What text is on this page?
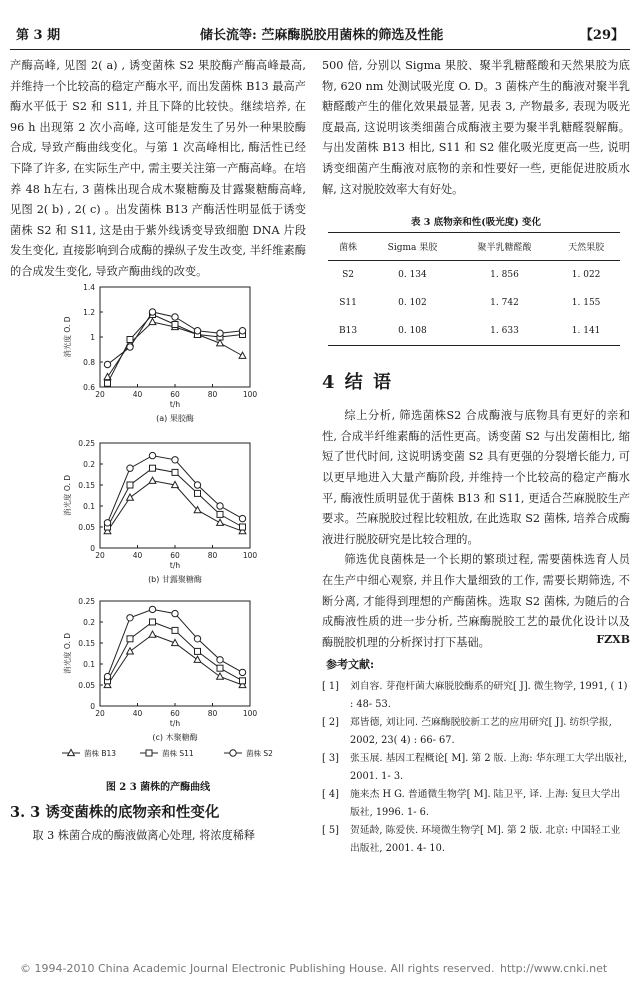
第 3 期	储长流等: 苎麻酶脱胶用菌株的筛选及性能	【29】

产酶高峰, 见图 2( a) , 诱变菌株 S2 果胶酶产酶高峰最高, 并维持一个比较高的稳定产酶水平, 而出发菌株 B13 最高产酶水平低于 S2 和 S11, 并且下降的比较快。继续培养, 在 96 h 出现第 2 次小高峰, 这可能是发生了另外一种果胶酶合成, 导致产酶曲线变化。与第 1 次高峰相比, 酶活性已经下降了许多, 在实际生产中, 需主要关注第一产酶高峰。在培养 48 h左右, 3 菌株出现合成木聚糖酶及甘露聚糖酶高峰, 见图 2( b) , 2( c) 。出发菌株 B13 产酶活性明显低于诱变菌株 S2 和 S11, 这是由于紫外线诱变导致细胞 DNA 片段发生变化, 直接影响到合成酶的操纵子发生改变, 半纤维素酶的合成发生变化, 导致产酶曲线的改变。

0.6
0.8
1
1.2
1.4
20	40	60	80	100
消光度 O. D
t/h
(a) 果胶酶
0
0.05
0.1
0.15
0.2
0.25
20	40	60	80	100
消光度 O. D
t/h
(b) 甘露聚糖酶
0
0.05
0.1
0.15
0.2
0.25
20	40	60	80	100
消光度 O. D
t/h
(c) 木聚糖酶
菌株 B13	菌株 S11	菌株 S2
图 2 3 菌株的产酶曲线
3. 3 诱变菌株的底物亲和性变化

取 3 株菌合成的酶液做离心处理, 将浓度稀释

500 倍, 分别以 Sigma 果胶、聚半乳糖醛酸和天然果胶为底物, 620 nm 处测试吸光度 O. D。3 菌株产生的酶液对聚半乳糖醛酸产生的催化效果最显著, 见表 3, 产物最多, 表现为吸光度最高, 这说明该类细菌合成酶液主要为聚半乳糖醛裂解酶。与出发菌株 B13 相比, S11 和 S2 催化吸光度更高一些, 说明诱变细菌产生酶液对底物的亲和性要好一些, 更能促进胶质水解, 这对脱胶效率大有好处。

表 3 底物亲和性(吸光度) 变化
菌株	Sigma 果胶	聚半乳糖醛酸	天然果胶
S2	0. 134	1. 856	1. 022
S11	0. 102	1. 742	1. 155
B13	0. 108	1. 633	1. 141
4 结 语

综上分析, 筛选菌株S2 合成酶液与底物具有更好的亲和性, 合成半纤维素酶的活性更高。诱变菌 S2 与出发菌相比, 缩短了世代时间, 这说明诱变菌 S2 具有更强的分裂增长能力, 可以更早地进入大量产酶阶段, 并维持一个比较高的稳定产酶水平, 酶液性质明显优于菌株 B13 和 S11, 更适合苎麻脱胶生产要求。苎麻脱胶过程比较粗放, 在此选取 S2 菌株, 培养合成酶液进行脱胶研究是比较合理的。

筛选优良菌株是一个长期的繁琐过程, 需要菌株选育人员在生产中细心观察, 并且作大量细致的工作, 需要长期筛选, 不断分离, 才能得到理想的产酶菌株。选取 S2 菌株, 为随后的合成酶液性质的进一步分析, 苎麻酶脱胶工艺的最优化设计以及酶脱胶机理的分析探讨打下基础。	FZXB
参考文献:
[ 1]	刘自容. 芽孢杆菌大麻脱胶酶系的研究[ J]. 微生物学, 1991, ( 1) : 48- 53.
[ 2]	郑皆德, 刘让同. 苎麻酶脱胶新工艺的应用研究[ J]. 纺织学报, 2002, 23( 4) : 66- 67.
[ 3]	张玉展. 基因工程概论[ M]. 第 2 版. 上海: 华东理工大学出版社, 2001. 1- 3.
[ 4]	施来杰 H G. 普通微生物学[ M]. 陆卫平, 译. 上海: 复旦大学出版社, 1996. 1- 6.
[ 5]	贺延龄, 陈爱侠. 环境微生物学[ M]. 第 2 版. 北京: 中国轻工业出版社, 2001. 4- 10.
© 1994-2010 China Academic Journal Electronic Publishing House. All rights reserved. http://www.cnki.net
